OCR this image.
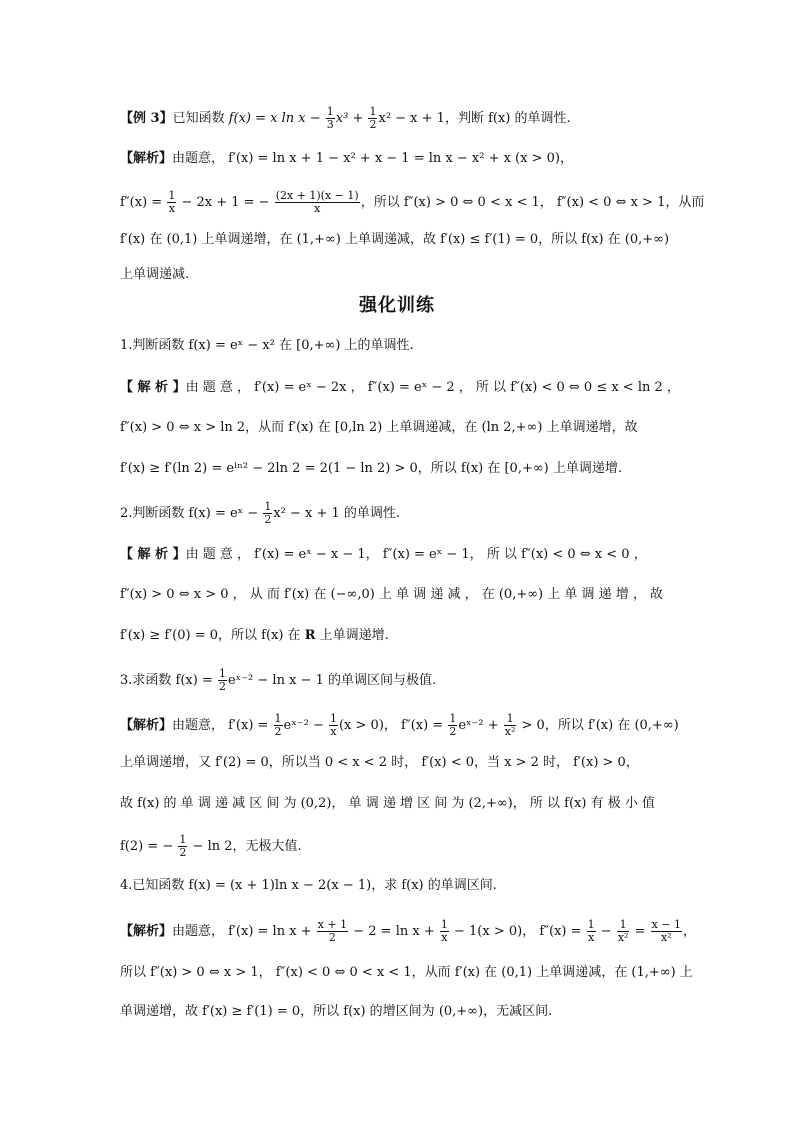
【例 3】已知函数 f(x) = x $\ln x - \frac{1}{3} x^3 + \frac{1}{2} x^2 - x + 1$，判断 f(x) 的单调性.
【解析】由题意， f′(x) = ln x + 1 − x² + x − 1 = ln x − x² + x (x > 0)，
$f''(x) = \frac{1}{x} - 2x + 1$ = − $\frac{(2x + 1)(x - 1)}{x}$ ，所以 f″(x) > 0 ⇔ 0 < x < 1， f″(x) < 0 ⇔ x > 1，从而
f′(x) 在 (0,1) 上单调递增，在 (1,+∞) 上单调递减，故 f′(x) ≤ f′(1) = 0，所以 f(x) 在 (0,+∞)
上单调递减.
强化训练
1.判断函数 f(x) = eˣ − x² 在 [0,+∞) 上的单调性.
【 解 析 】由 题 意 ， f′(x) = eˣ − 2x ， f″(x) = eˣ − 2 ， 所 以 f″(x) < 0 ⇔ 0 ≤ x < ln 2 ，
f″(x) > 0 ⇔ x > ln 2，从而 f′(x) 在 [0,ln 2) 上单调递减，在 (ln 2,+∞) 上单调递增，故
f′(x) ≥ f′(ln 2) = eˡⁿ² − 2ln 2 = 2(1 − ln 2) > 0，所以 f(x) 在 [0,+∞) 上单调递增.
2.判断函数 f(x) = eˣ − $\frac{1}{2} x^2 - x + 1$ 的单调性.
【 解 析 】由 题 意 ， f′(x) = eˣ − x − 1， f″(x) = eˣ − 1， 所 以 f″(x) < 0 ⇔ x < 0 ，
f″(x) > 0 ⇔ x > 0 ， 从 而 f′(x) 在 (−∞,0) 上 单 调 递 减 ， 在 (0,+∞) 上 单 调 递 增 ， 故
f′(x) ≥ f′(0) = 0，所以 f(x) 在 R 上单调递增.
3.求函数 $f(x) = \frac{1}{2}$ eˣ⁻² − ln x − 1 的单调区间与极值.
【解析】由题意， $f'(x) = \frac{1}{2}$ eˣ⁻² − $\frac{1}{x} (x > 0)$， $f''(x) = \frac{1}{2}$ eˣ⁻² + $\frac{1}{\text{x²}} > 0$，所以 f′(x) 在 (0,+∞)
上单调递增，又 f′(2) = 0，所以当 0 < x < 2 时， f′(x) < 0，当 x > 2 时， f′(x) > 0，
故 f(x) 的 单 调 递 减 区 间 为 (0,2)， 单 调 递 增 区 间 为 (2,+∞)， 所 以 f(x) 有 极 小 值
f(2) = − $\frac{1}{2} - \ln 2$，无极大值.
4.已知函数 f(x) = (x + 1)ln x − 2(x − 1)，求 f(x) 的单调区间.
【解析】由题意， $f'(x) = \ln x + \frac{x + 1}{2} - 2 = \ln x + \frac{1}{x} - 1(x > 0)$， $f''(x) = \frac{1}{x} - \frac{1}{\text{x²}} = \frac{x - 1}{\text{x²}}$ ，
所以 f″(x) > 0 ⇔ x > 1， f″(x) < 0 ⇔ 0 < x < 1，从而 f′(x) 在 (0,1) 上单调递减，在 (1,+∞) 上
单调递增，故 f′(x) ≥ f′(1) = 0，所以 f(x) 的增区间为 (0,+∞)，无减区间.
